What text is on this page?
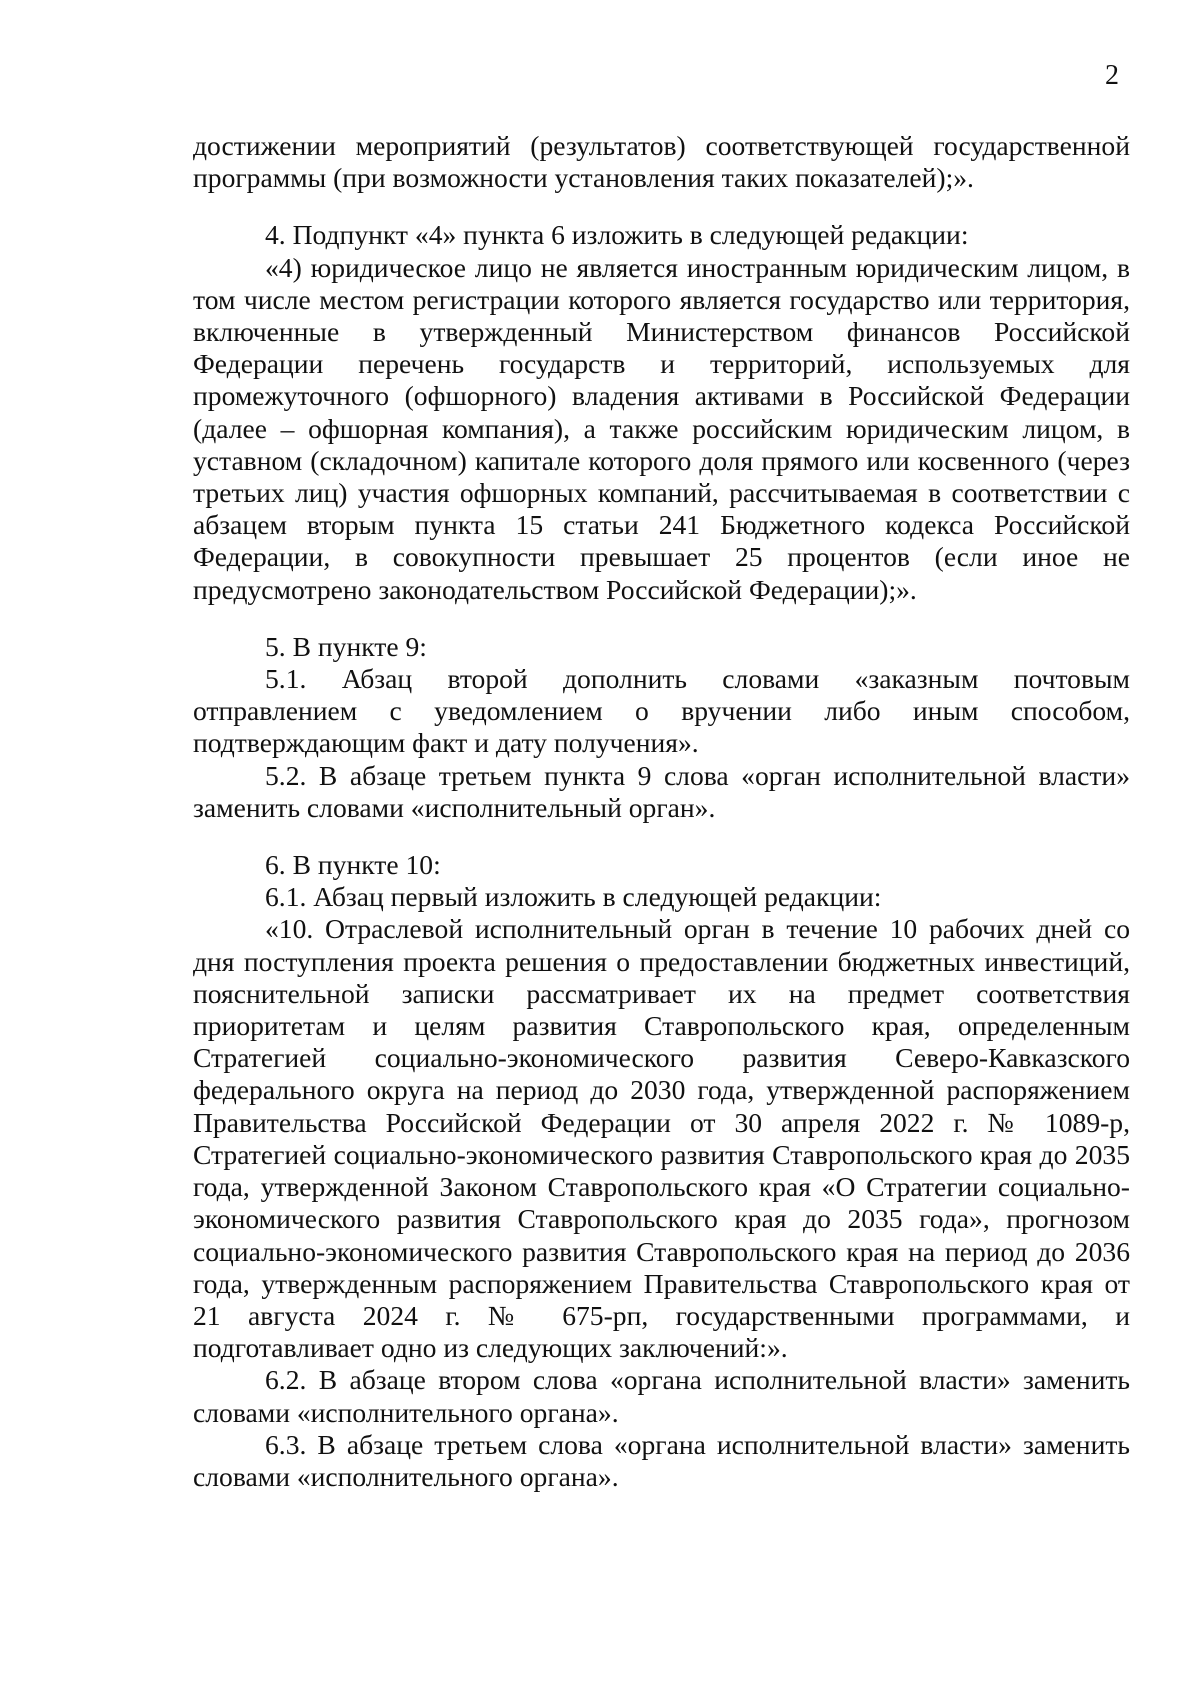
2

достижении мероприятий (результатов) соответствующей государственной программы (при возможности установления таких показателей);».

4. Подпункт «4» пункта 6 изложить в следующей редакции:

«4) юридическое лицо не является иностранным юридическим лицом, в том числе местом регистрации которого является государство или территория, включенные в утвержденный Министерством финансов Российской Федерации перечень государств и территорий, используемых для промежуточного (офшорного) владения активами в Российской Федерации (далее – офшорная компания), а также российским юридическим лицом, в уставном (складочном) капитале которого доля прямого или косвенного (через третьих лиц) участия офшорных компаний, рассчитываемая в соответствии с абзацем вторым пункта 15 статьи 241 Бюджетного кодекса Российской Федерации, в совокупности превышает 25 процентов (если иное не предусмотрено законодательством Российской Федерации);».

5. В пункте 9:

5.1. Абзац второй дополнить словами «заказным почтовым отправлением с уведомлением о вручении либо иным способом, подтверждающим факт и дату получения».

5.2. В абзаце третьем пункта 9 слова «орган исполнительной власти» заменить словами «исполнительный орган».

6. В пункте 10:

6.1. Абзац первый изложить в следующей редакции:

«10. Отраслевой исполнительный орган в течение 10 рабочих дней со дня поступления проекта решения о предоставлении бюджетных инвестиций, пояснительной записки рассматривает их на предмет соответствия приоритетам и целям развития Ставропольского края, определенным Стратегией социально-экономического развития Северо-Кавказского федерального округа на период до 2030 года, утвержденной распоряжением Правительства Российской Федерации от 30 апреля 2022 г. № 1089-р, Стратегией социально-экономического развития Ставропольского края до 2035 года, утвержденной Законом Ставропольского края «О Стратегии социально-экономического развития Ставропольского края до 2035 года», прогнозом социально-экономического развития Ставропольского края на период до 2036 года, утвержденным распоряжением Правительства Ставропольского края от 21 августа 2024 г. № 675-рп, государственными программами, и подготавливает одно из следующих заключений:».

6.2. В абзаце втором слова «органа исполнительной власти» заменить словами «исполнительного органа».

6.3. В абзаце третьем слова «органа исполнительной власти» заменить словами «исполнительного органа».
